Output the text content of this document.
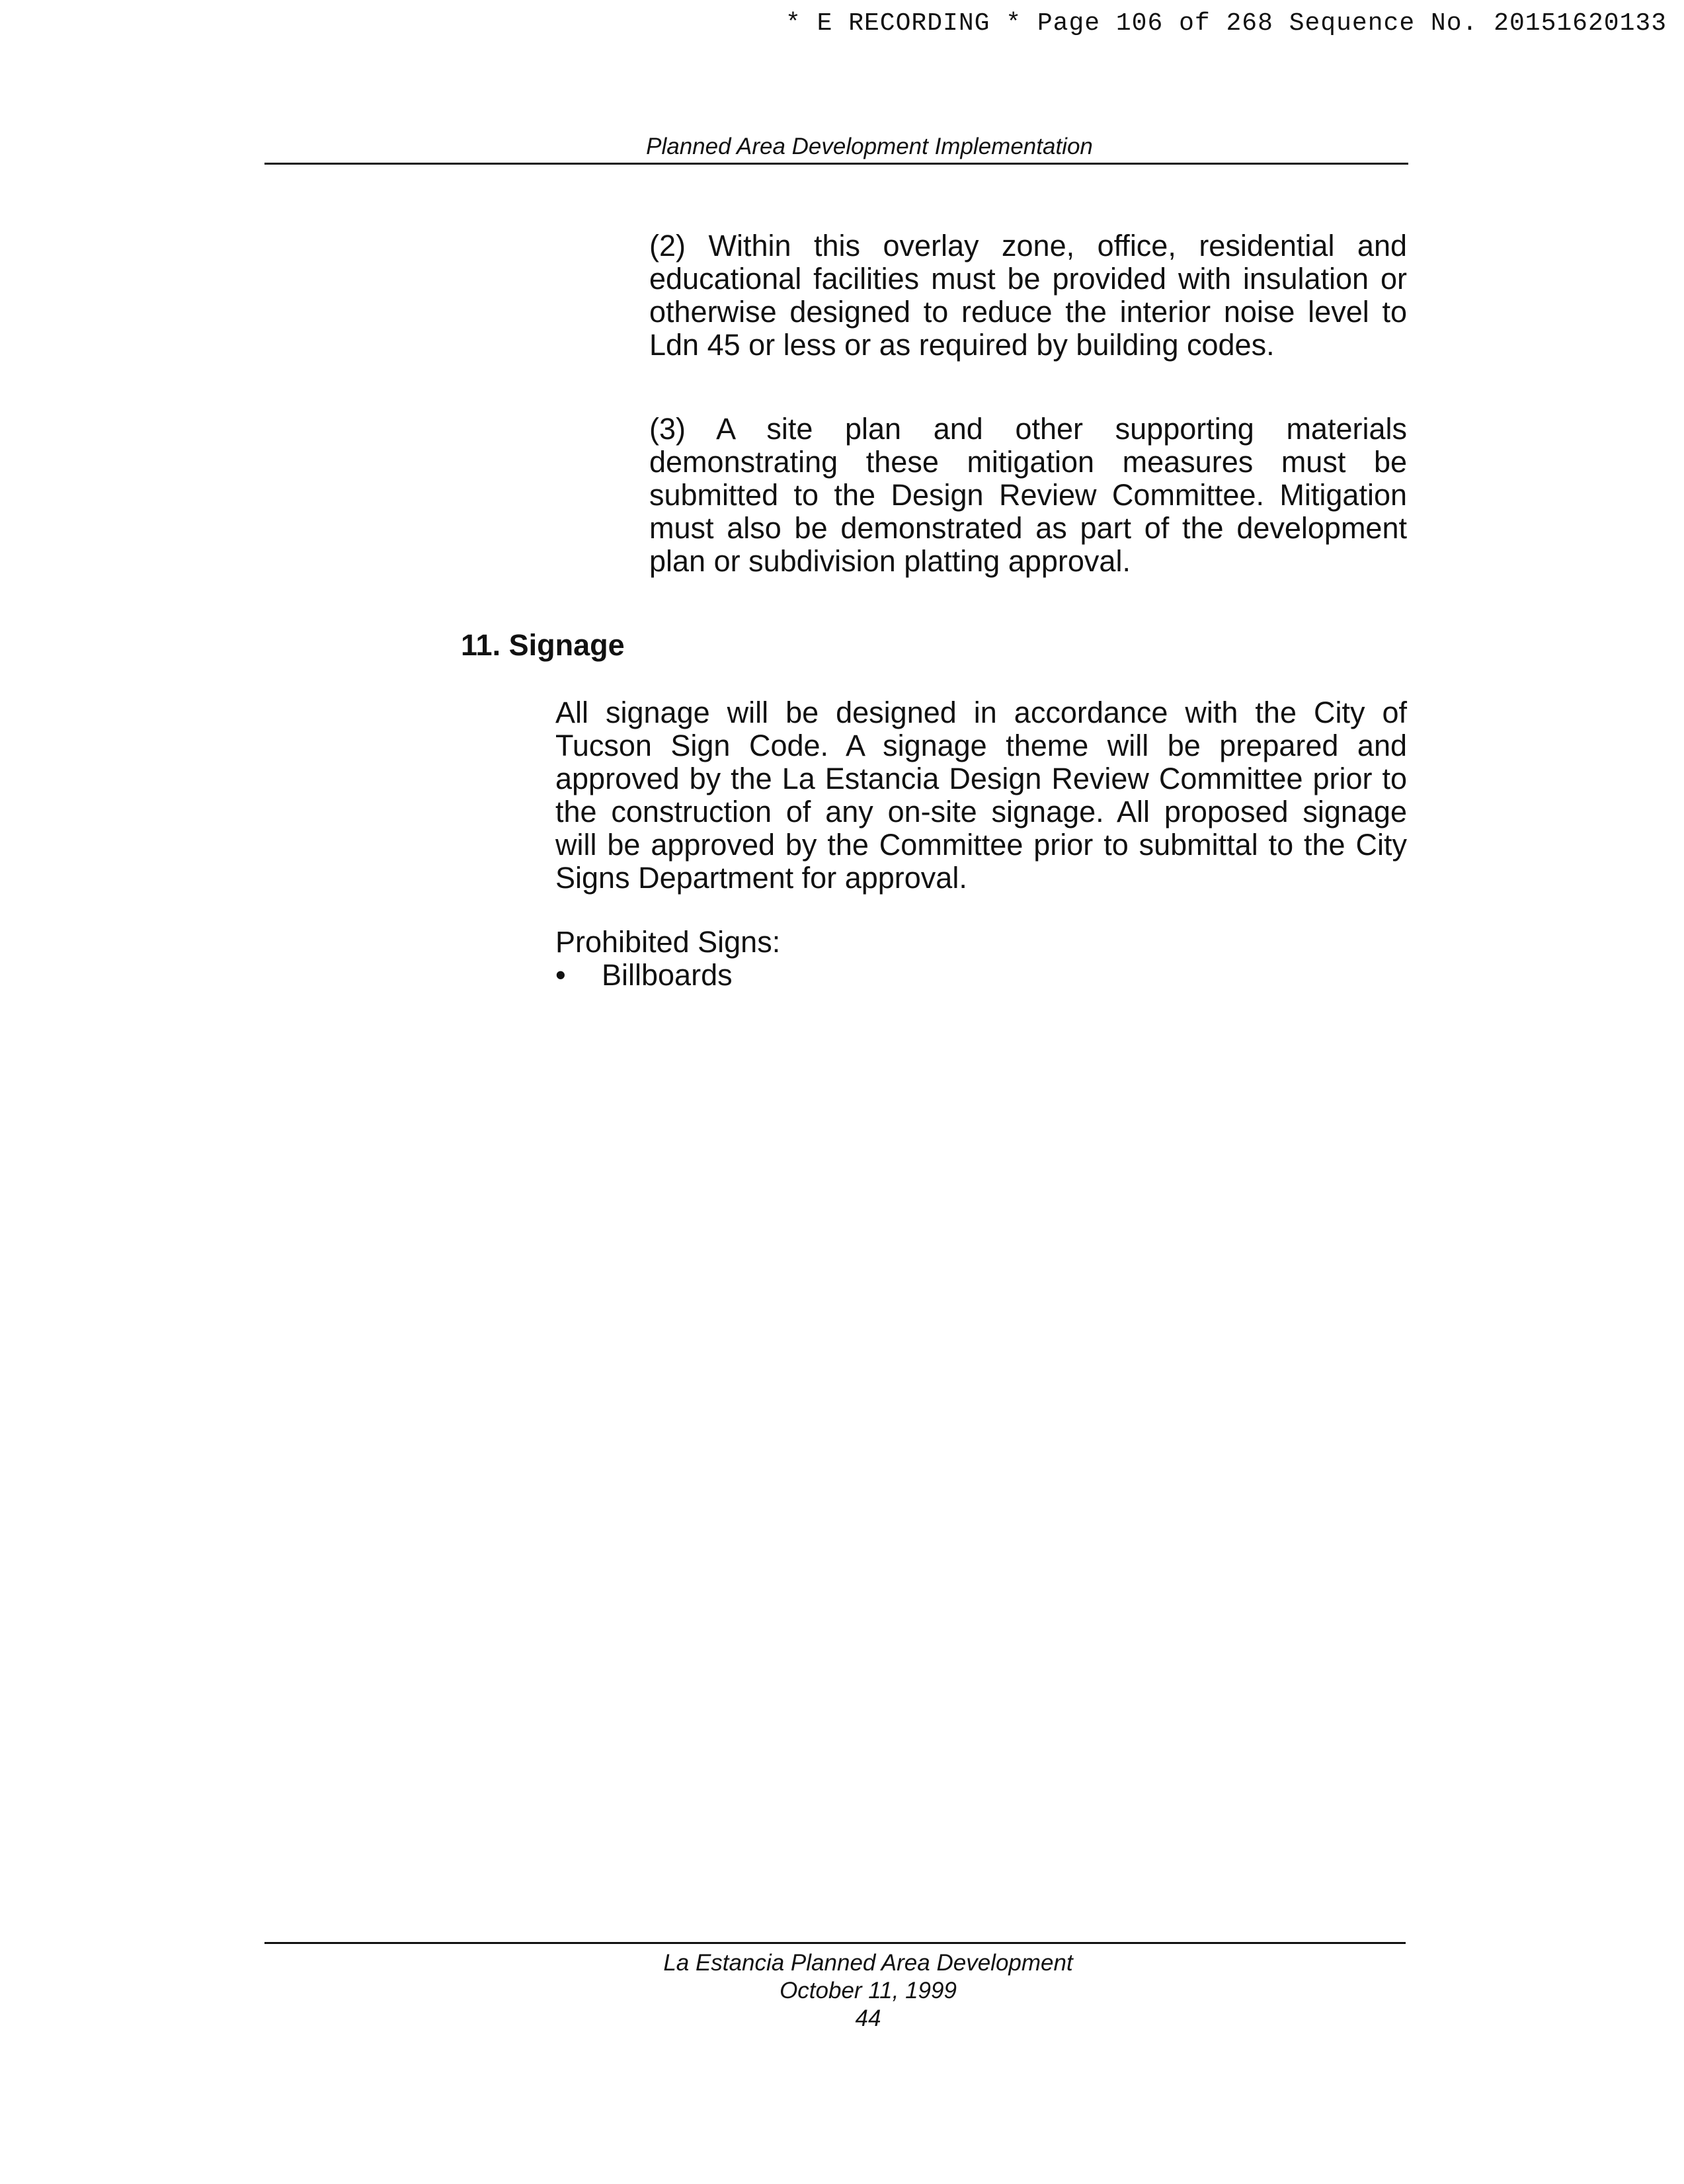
* E RECORDING * Page 106 of 268 Sequence No. 20151620133
Planned Area Development Implementation

(2) Within this overlay zone, office, residential and educational facilities must be provided with insulation or otherwise designed to reduce the interior noise level to Ldn 45 or less or as required by building codes.

(3) A site plan and other supporting materials demonstrating these mitigation measures must be submitted to the Design Review Committee. Mitigation must also be demonstrated as part of the development plan or subdivision platting approval.

11. Signage

All signage will be designed in accordance with the City of Tucson Sign Code. A signage theme will be prepared and approved by the La Estancia Design Review Committee prior to the construction of any on-site signage. All proposed signage will be approved by the Committee prior to submittal to the City Signs Department for approval.

Prohibited Signs:
• Billboards
La Estancia Planned Area Development
October 11, 1999
44
